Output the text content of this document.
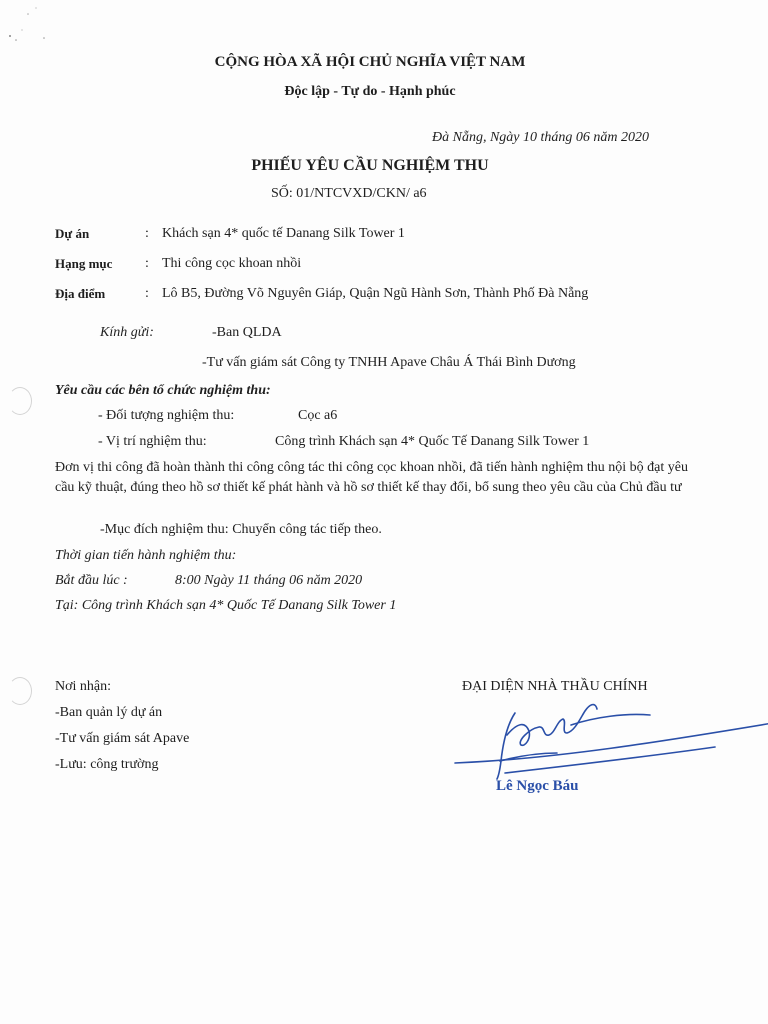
CỘNG HÒA XÃ HỘI CHỦ NGHĨA VIỆT NAM
Độc lập - Tự do - Hạnh phúc
Đà Nẵng, Ngày 10 tháng 06 năm 2020
PHIẾU YÊU CẦU NGHIỆM THU
SỐ: 01/NTCVXD/CKN/ a6
Dự án	: Khách sạn 4* quốc tế Danang Silk Tower 1
Hạng mục : Thi công cọc khoan nhồi
Địa điểm	: Lô B5, Đường Võ Nguyên Giáp, Quận Ngũ Hành Sơn, Thành Phố Đà Nẵng
Kính gửi:	-Ban QLDA
-Tư vấn giám sát Công ty TNHH Apave Châu Á Thái Bình Dương
Yêu cầu các bên tổ chức nghiệm thu:
- Đối tượng nghiệm thu:	Cọc a6
- Vị trí nghiệm thu:	Công trình Khách sạn 4* Quốc Tế Danang Silk Tower 1
Đơn vị thi công đã hoàn thành thi công công tác thi công cọc khoan nhồi, đã tiến hành nghiệm thu nội bộ đạt yêu cầu kỹ thuật, đúng theo hồ sơ thiết kế phát hành và hồ sơ thiết kế thay đổi, bổ sung theo yêu cầu của Chủ đầu tư
-Mục đích nghiệm thu: Chuyển công tác tiếp theo.
Thời gian tiến hành nghiệm thu:
Bắt đầu lúc :	8:00 Ngày 11 tháng 06 năm 2020
Tại: Công trình Khách sạn 4* Quốc Tế Danang Silk Tower 1
Nơi nhận:
-Ban quản lý dự án
-Tư vấn giám sát Apave
-Lưu: công trường
ĐẠI DIỆN NHÀ THẦU CHÍNH
Lê Ngọc Báu
